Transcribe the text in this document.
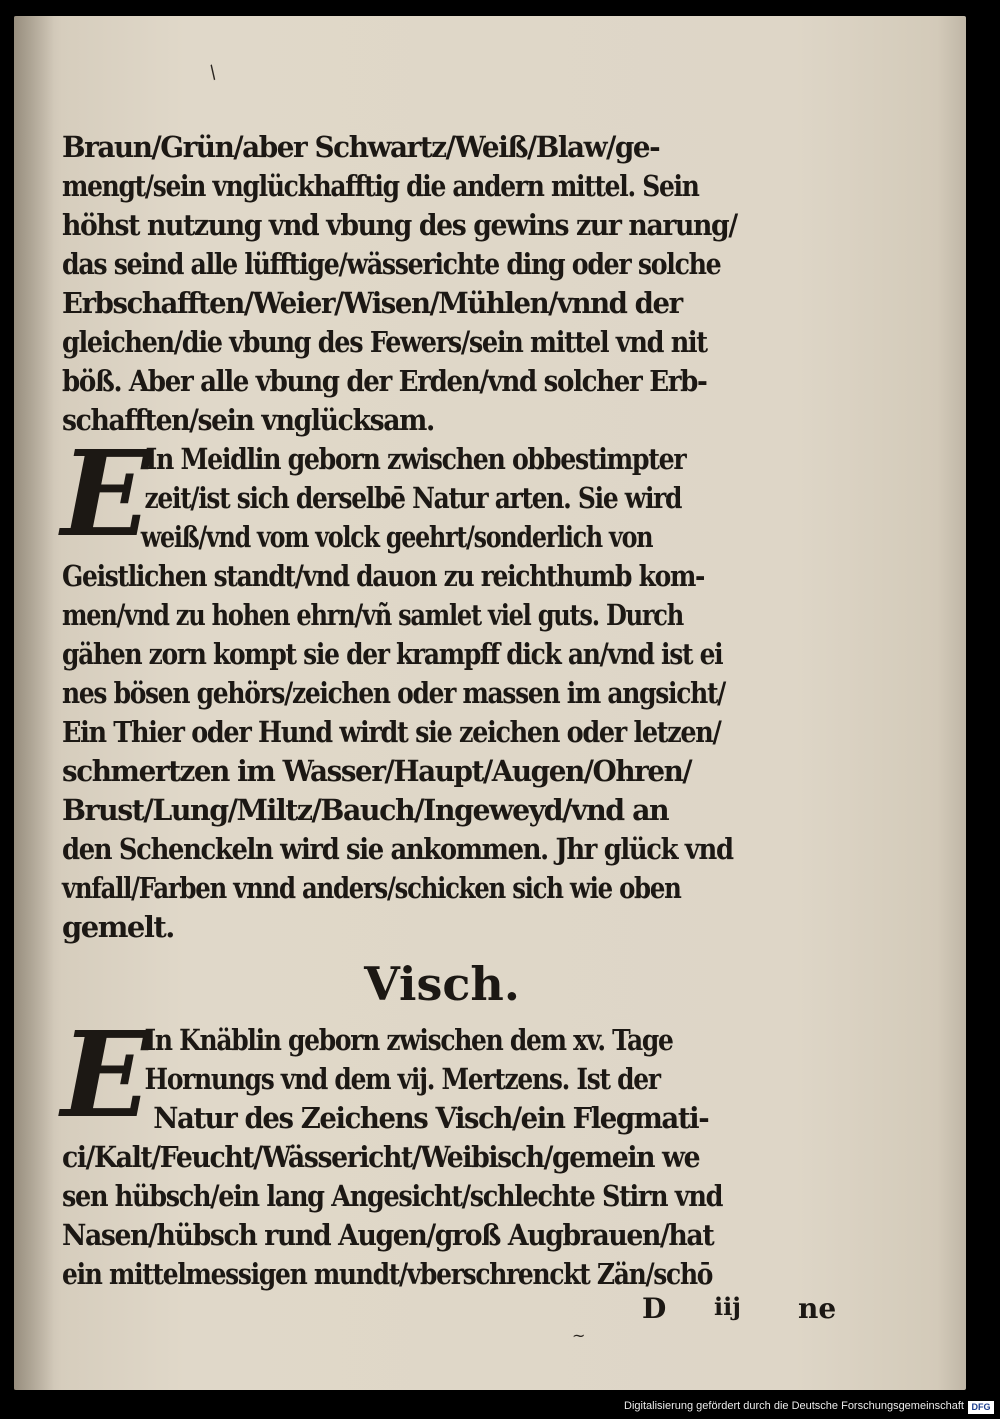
/
~
Braun/Grün/aber Schwartz/Weiß/Blaw/ge-
mengt/sein vnglückhafftig die andern mittel. Sein
höhst nutzung vnd vbung des gewins zur narung/
das seind alle lüfftige/wässerichte ding oder solche
Erbschafften/Weier/Wisen/Mühlen/vnnd der
gleichen/die vbung des Fewers/sein mittel vnd nit
böß. Aber alle vbung der Erden/vnd solcher Erb-
schafften/sein vnglücksam.
E
In Meidlin geborn zwischen obbestimpter
zeit/ist sich derselbē Natur arten. Sie wird
weiß/vnd vom volck geehrt/sonderlich von
Geistlichen standt/vnd dauon zu reichthumb kom-
men/vnd zu hohen ehrn/vñ samlet viel guts. Durch
gähen zorn kompt sie der krampff dick an/vnd ist ei
nes bösen gehörs/zeichen oder massen im angsicht/
Ein Thier oder Hund wirdt sie zeichen oder letzen/
schmertzen im Wasser/Haupt/Augen/Ohren/
Brust/Lung/Miltz/Bauch/Ingeweyd/vnd an
den Schenckeln wird sie ankommen. Jhr glück vnd
vnfall/Farben vnnd anders/schicken sich wie oben
gemelt.
Visch.
E
In Knäblin geborn zwischen dem xv. Tage
Hornungs vnd dem vij. Mertzens. Ist der
Natur des Zeichens Visch/ein Flegmati-
ci/Kalt/Feucht/Wässericht/Weibisch/gemein we
sen hübsch/ein lang Angesicht/schlechte Stirn vnd
Nasen/hübsch rund Augen/groß Augbrauen/hat
ein mittelmessigen mundt/vberschrenckt Zän/schō
D iij ne
Digitalisierung gefördert durch die Deutsche Forschungsgemeinschaft DFG
